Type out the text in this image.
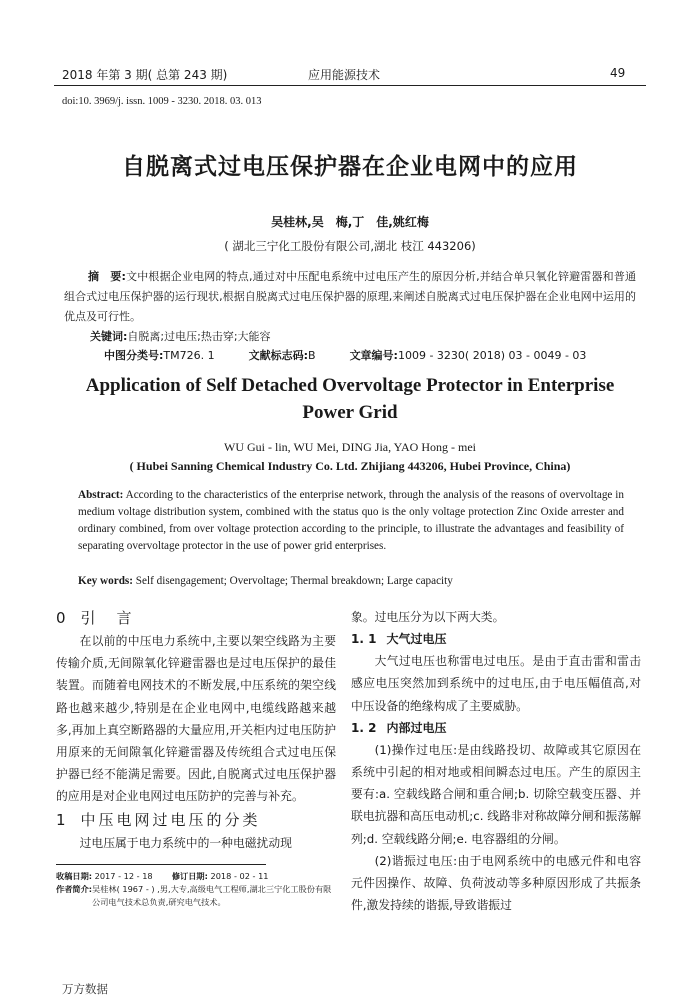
2018 年第 3 期( 总第 243 期)	应用能源技术	49
doi:10. 3969/j. issn. 1009 - 3230. 2018. 03. 013
自脱离式过电压保护器在企业电网中的应用
吴桂林,吴　梅,丁　佳,姚红梅
( 湖北三宁化工股份有限公司,湖北 枝江 443206)
摘　要:文中根据企业电网的特点,通过对中压配电系统中过电压产生的原因分析,并结合单只氧化锌避雷器和普通组合式过电压保护器的运行现状,根据自脱离式过电压保护器的原理,来阐述自脱离式过电压保护器在企业电网中运用的优点及可行性。
关键词:自脱离;过电压;热击穿;大能容
中图分类号:TM726. 1	文献标志码:B	文章编号:1009 - 3230( 2018) 03 - 0049 - 03
Application of Self Detached Overvoltage Protector in Enterprise Power Grid
WU Gui - lin, WU Mei, DING Jia, YAO Hong - mei
( Hubei Sanning Chemical Industry Co. Ltd. Zhijiang 443206, Hubei Province, China)
Abstract: According to the characteristics of the enterprise network, through the analysis of the reasons of overvoltage in medium voltage distribution system, combined with the status quo is the only voltage protection Zinc Oxide arrester and ordinary combined, from over voltage protection according to the principle, to illustrate the advantages and feasibility of separating overvoltage protector in the use of power grid enterprises.
Key words: Self disengagement; Overvoltage; Thermal breakdown; Large capacity
0 引　言

在以前的中压电力系统中,主要以架空线路为主要传输介质,无间隙氧化锌避雷器也是过电压保护的最佳装置。而随着电网技术的不断发展,中压系统的架空线路也越来越少,特别是在企业电网中,电缆线路越来越多,再加上真空断路器的大量应用,开关柜内过电压防护用原来的无间隙氧化锌避雷器及传统组合式过电压保护器已经不能满足需要。因此,自脱离式过电压保护器的应用是对企业电网过电压防护的完善与补充。

1 中压电网过电压的分类

过电压属于电力系统中的一种电磁扰动现

收稿日期: 2017 - 12 - 18 修订日期: 2018 - 02 - 11
作者简介: 吴桂林( 1967 - ) ,男,大专,高级电气工程师,湖北三宁化工股份有限公司电气技术总负责,研究电气技术。

象。过电压分为以下两大类。

1. 1 大气过电压

大气过电压也称雷电过电压。是由于直击雷和雷击感应电压突然加到系统中的过电压,由于电压幅值高,对中压设备的绝缘构成了主要威胁。

1. 2 内部过电压

(1)操作过电压:是由线路投切、故障或其它原因在系统中引起的相对地或相间瞬态过电压。产生的原因主要有:a. 空载线路合闸和重合闸;b. 切除空载变压器、并联电抗器和高压电动机;c. 线路非对称故障分闸和振荡解列;d. 空载线路分闸;e. 电容器组的分闸。

(2)谐振过电压:由于电网系统中的电感元件和电容元件因操作、故障、负荷波动等多种原因形成了共振条件,激发持续的谐振,导致谐振过

万方数据
